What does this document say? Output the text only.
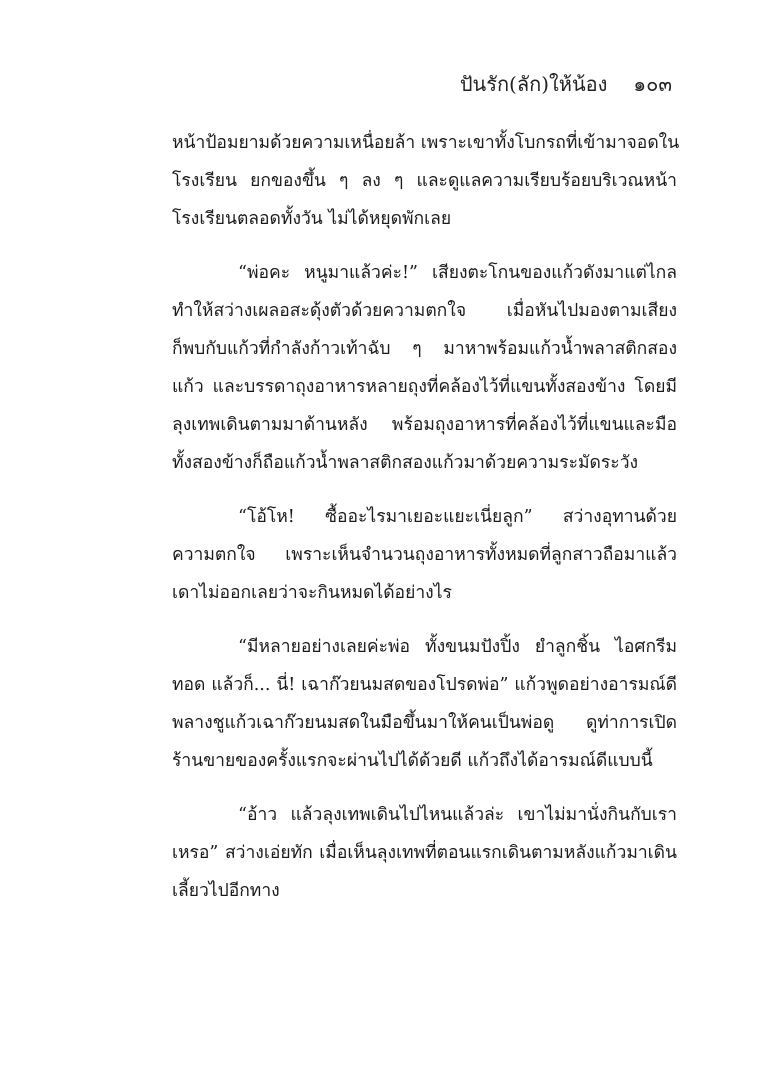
ปันรัก(ลัก)ให้น้อง ๑๐๓

หน้าป้อมยามด้วยความเหนื่อยล้า เพราะเขาทั้งโบกรถที่เข้ามาจอดใน
โรงเรียน ยกของขึ้น ๆ ลง ๆ และดูแลความเรียบร้อยบริเวณหน้า
โรงเรียนตลอดทั้งวัน ไม่ได้หยุดพักเลย

“พ่อคะ หนูมาแล้วค่ะ!” เสียงตะโกนของแก้วดังมาแต่ไกล
ทำให้สว่างเผลอสะดุ้งตัวด้วยความตกใจ เมื่อหันไปมองตามเสียง
ก็พบกับแก้วที่กำลังก้าวเท้าฉับ ๆ มาหาพร้อมแก้วน้ำพลาสติกสอง
แก้ว และบรรดาถุงอาหารหลายถุงที่คล้องไว้ที่แขนทั้งสองข้าง โดยมี
ลุงเทพเดินตามมาด้านหลัง พร้อมถุงอาหารที่คล้องไว้ที่แขนและมือ
ทั้งสองข้างก็ถือแก้วน้ำพลาสติกสองแก้วมาด้วยความระมัดระวัง

“โอ้โห! ซื้ออะไรมาเยอะแยะเนี่ยลูก” สว่างอุทานด้วย
ความตกใจ เพราะเห็นจำนวนถุงอาหารทั้งหมดที่ลูกสาวถือมาแล้ว
เดาไม่ออกเลยว่าจะกินหมดได้อย่างไร

“มีหลายอย่างเลยค่ะพ่อ ทั้งขนมปังปิ้ง ยำลูกชิ้น ไอศกรีม
ทอด แล้วก็... นี่! เฉาก๊วยนมสดของโปรดพ่อ” แก้วพูดอย่างอารมณ์ดี
พลางชูแก้วเฉาก๊วยนมสดในมือขึ้นมาให้คนเป็นพ่อดู ดูท่าการเปิด
ร้านขายของครั้งแรกจะผ่านไปได้ด้วยดี แก้วถึงได้อารมณ์ดีแบบนี้

“อ้าว แล้วลุงเทพเดินไปไหนแล้วล่ะ เขาไม่มานั่งกินกับเรา
เหรอ” สว่างเอ่ยทัก เมื่อเห็นลุงเทพที่ตอนแรกเดินตามหลังแก้วมาเดิน
เลี้ยวไปอีกทาง
